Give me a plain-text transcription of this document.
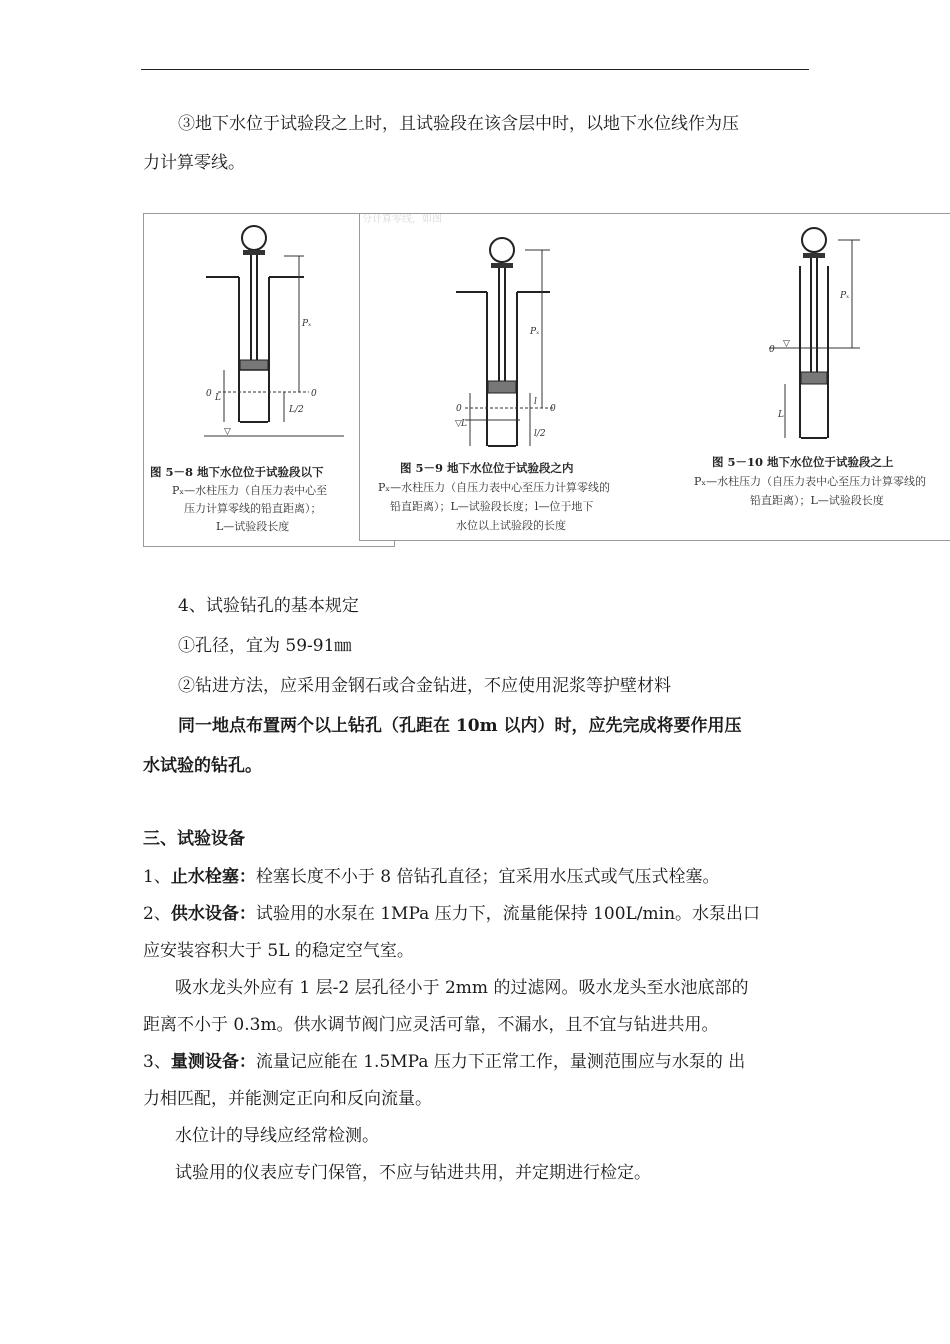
③地下水位于试验段之上时，且试验段在该含层中时，以地下水位线作为压
力计算零线。
Pₓ
0	0
L
L/2
▽
图 5－8 地下水位位于试验段以下
Pₓ—水柱压力（自压力表中心至
压力计算零线的铅直距离）；
L—试验段长度
分计算零线，如图
Pₓ
0	0
L
l
l/2
▽
图 5－9 地下水位位于试验段之内
Pₓ—水柱压力（自压力表中心至压力计算零线的
铅直距离）；L—试验段长度；l—位于地下
水位以上试验段的长度
Pₓ
0
L
▽
图 5－10 地下水位位于试验段之上
Pₓ—水柱压力（自压力表中心至压力计算零线的
铅直距离）；L—试验段长度
4、试验钻孔的基本规定
①孔径，宜为 59-91㎜
②钻进方法，应采用金钢石或合金钻进，不应使用泥浆等护壁材料
同一地点布置两个以上钻孔（孔距在 10m 以内）时，应先完成将要作用压
水试验的钻孔。
三、试验设备
1、止水栓塞：栓塞长度不小于 8 倍钻孔直径；宜采用水压式或气压式栓塞。
2、供水设备：试验用的水泵在 1MPa 压力下，流量能保持 100L/min。水泵出口
应安装容积大于 5L 的稳定空气室。
吸水龙头外应有 1 层-2 层孔径小于 2mm 的过滤网。吸水龙头至水池底部的
距离不小于 0.3m。供水调节阀门应灵活可靠，不漏水，且不宜与钻进共用。
3、量测设备：流量记应能在 1.5MPa 压力下正常工作，量测范围应与水泵的 出
力相匹配，并能测定正向和反向流量。
水位计的导线应经常检测。
试验用的仪表应专门保管，不应与钻进共用，并定期进行检定。
